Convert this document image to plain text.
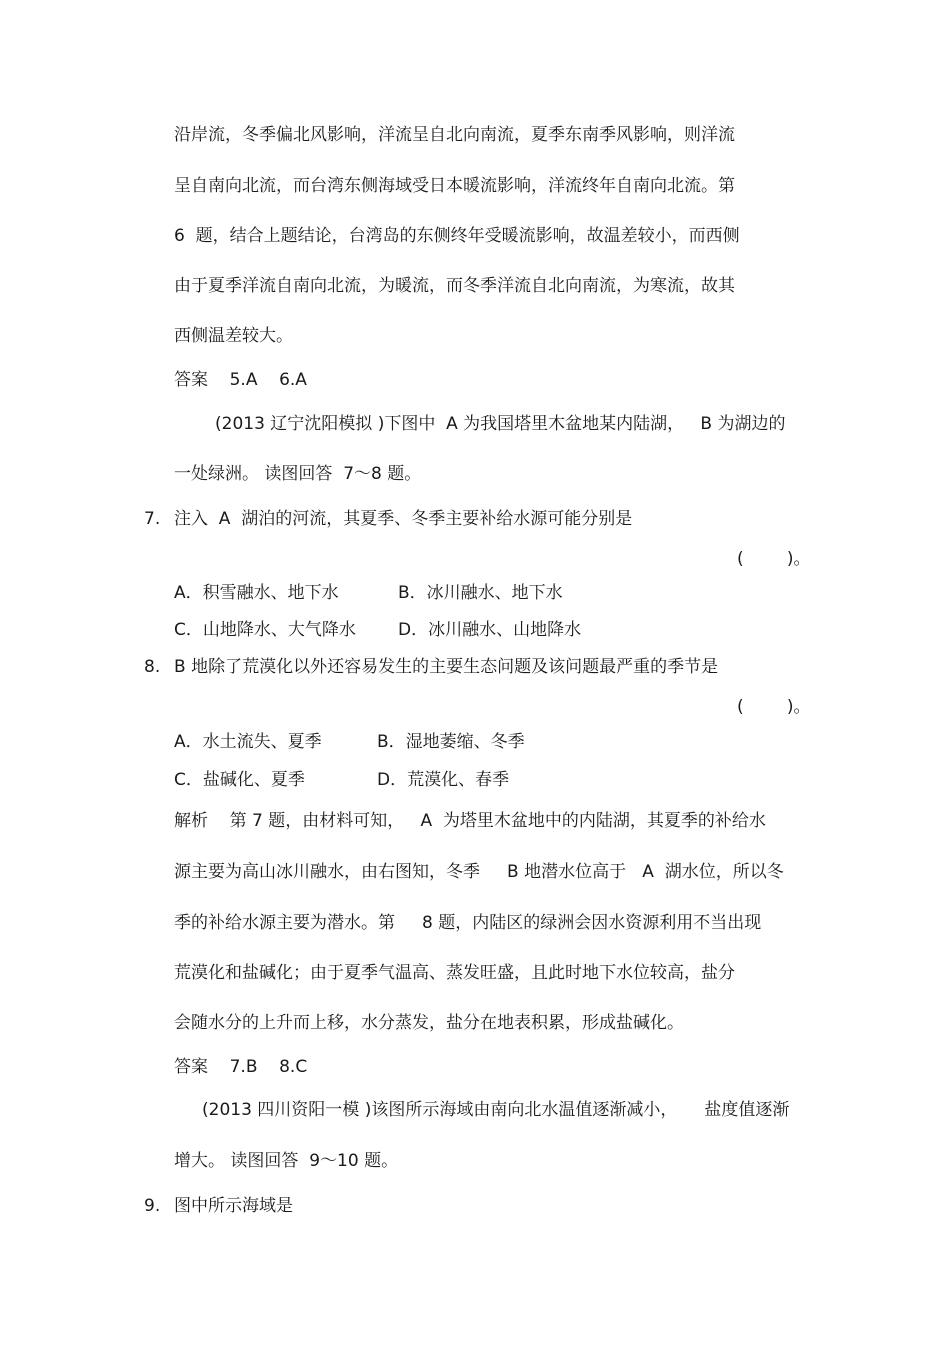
沿岸流，冬季偏北风影响，洋流呈自北向南流，夏季东南季风影响，则洋流
呈自南向北流，而台湾东侧海域受日本暖流影响，洋流终年自南向北流。第
6  题，结合上题结论，台湾岛的东侧终年受暖流影响，故温差较小，而西侧
由于夏季洋流自南向北流，为暖流，而冬季洋流自北向南流，为寒流，故其
西侧温差较大。
答案    5.A    6.A
(2013 辽宁沈阳模拟 )下图中  A 为我国塔里木盆地某内陆湖，   B 为湖边的
一处绿洲。 读图回答  7～8 题。
7. 注入  A  湖泊的河流，其夏季、冬季主要补给水源可能分别是
(        )。
A．积雪融水、地下水	B．冰川融水、地下水
C．山地降水、大气降水 D．冰川融水、山地降水
8. B 地除了荒漠化以外还容易发生的主要生态问题及该问题最严重的季节是
(        )。
A．水土流失、夏季	B．湿地萎缩、冬季
C．盐碱化、夏季	D．荒漠化、春季
解析    第 7 题，由材料可知，   A  为塔里木盆地中的内陆湖，其夏季的补给水
源主要为高山冰川融水，由右图知，冬季     B 地潜水位高于   A  湖水位，所以冬
季的补给水源主要为潜水。第     8 题，内陆区的绿洲会因水资源利用不当出现
荒漠化和盐碱化；由于夏季气温高、蒸发旺盛，且此时地下水位较高，盐分
会随水分的上升而上移，水分蒸发，盐分在地表积累，形成盐碱化。
答案    7.B    8.C
(2013 四川资阳一模 )该图所示海域由南向北水温值逐渐减小，     盐度值逐渐
增大。 读图回答  9～10 题。
9. 图中所示海域是
